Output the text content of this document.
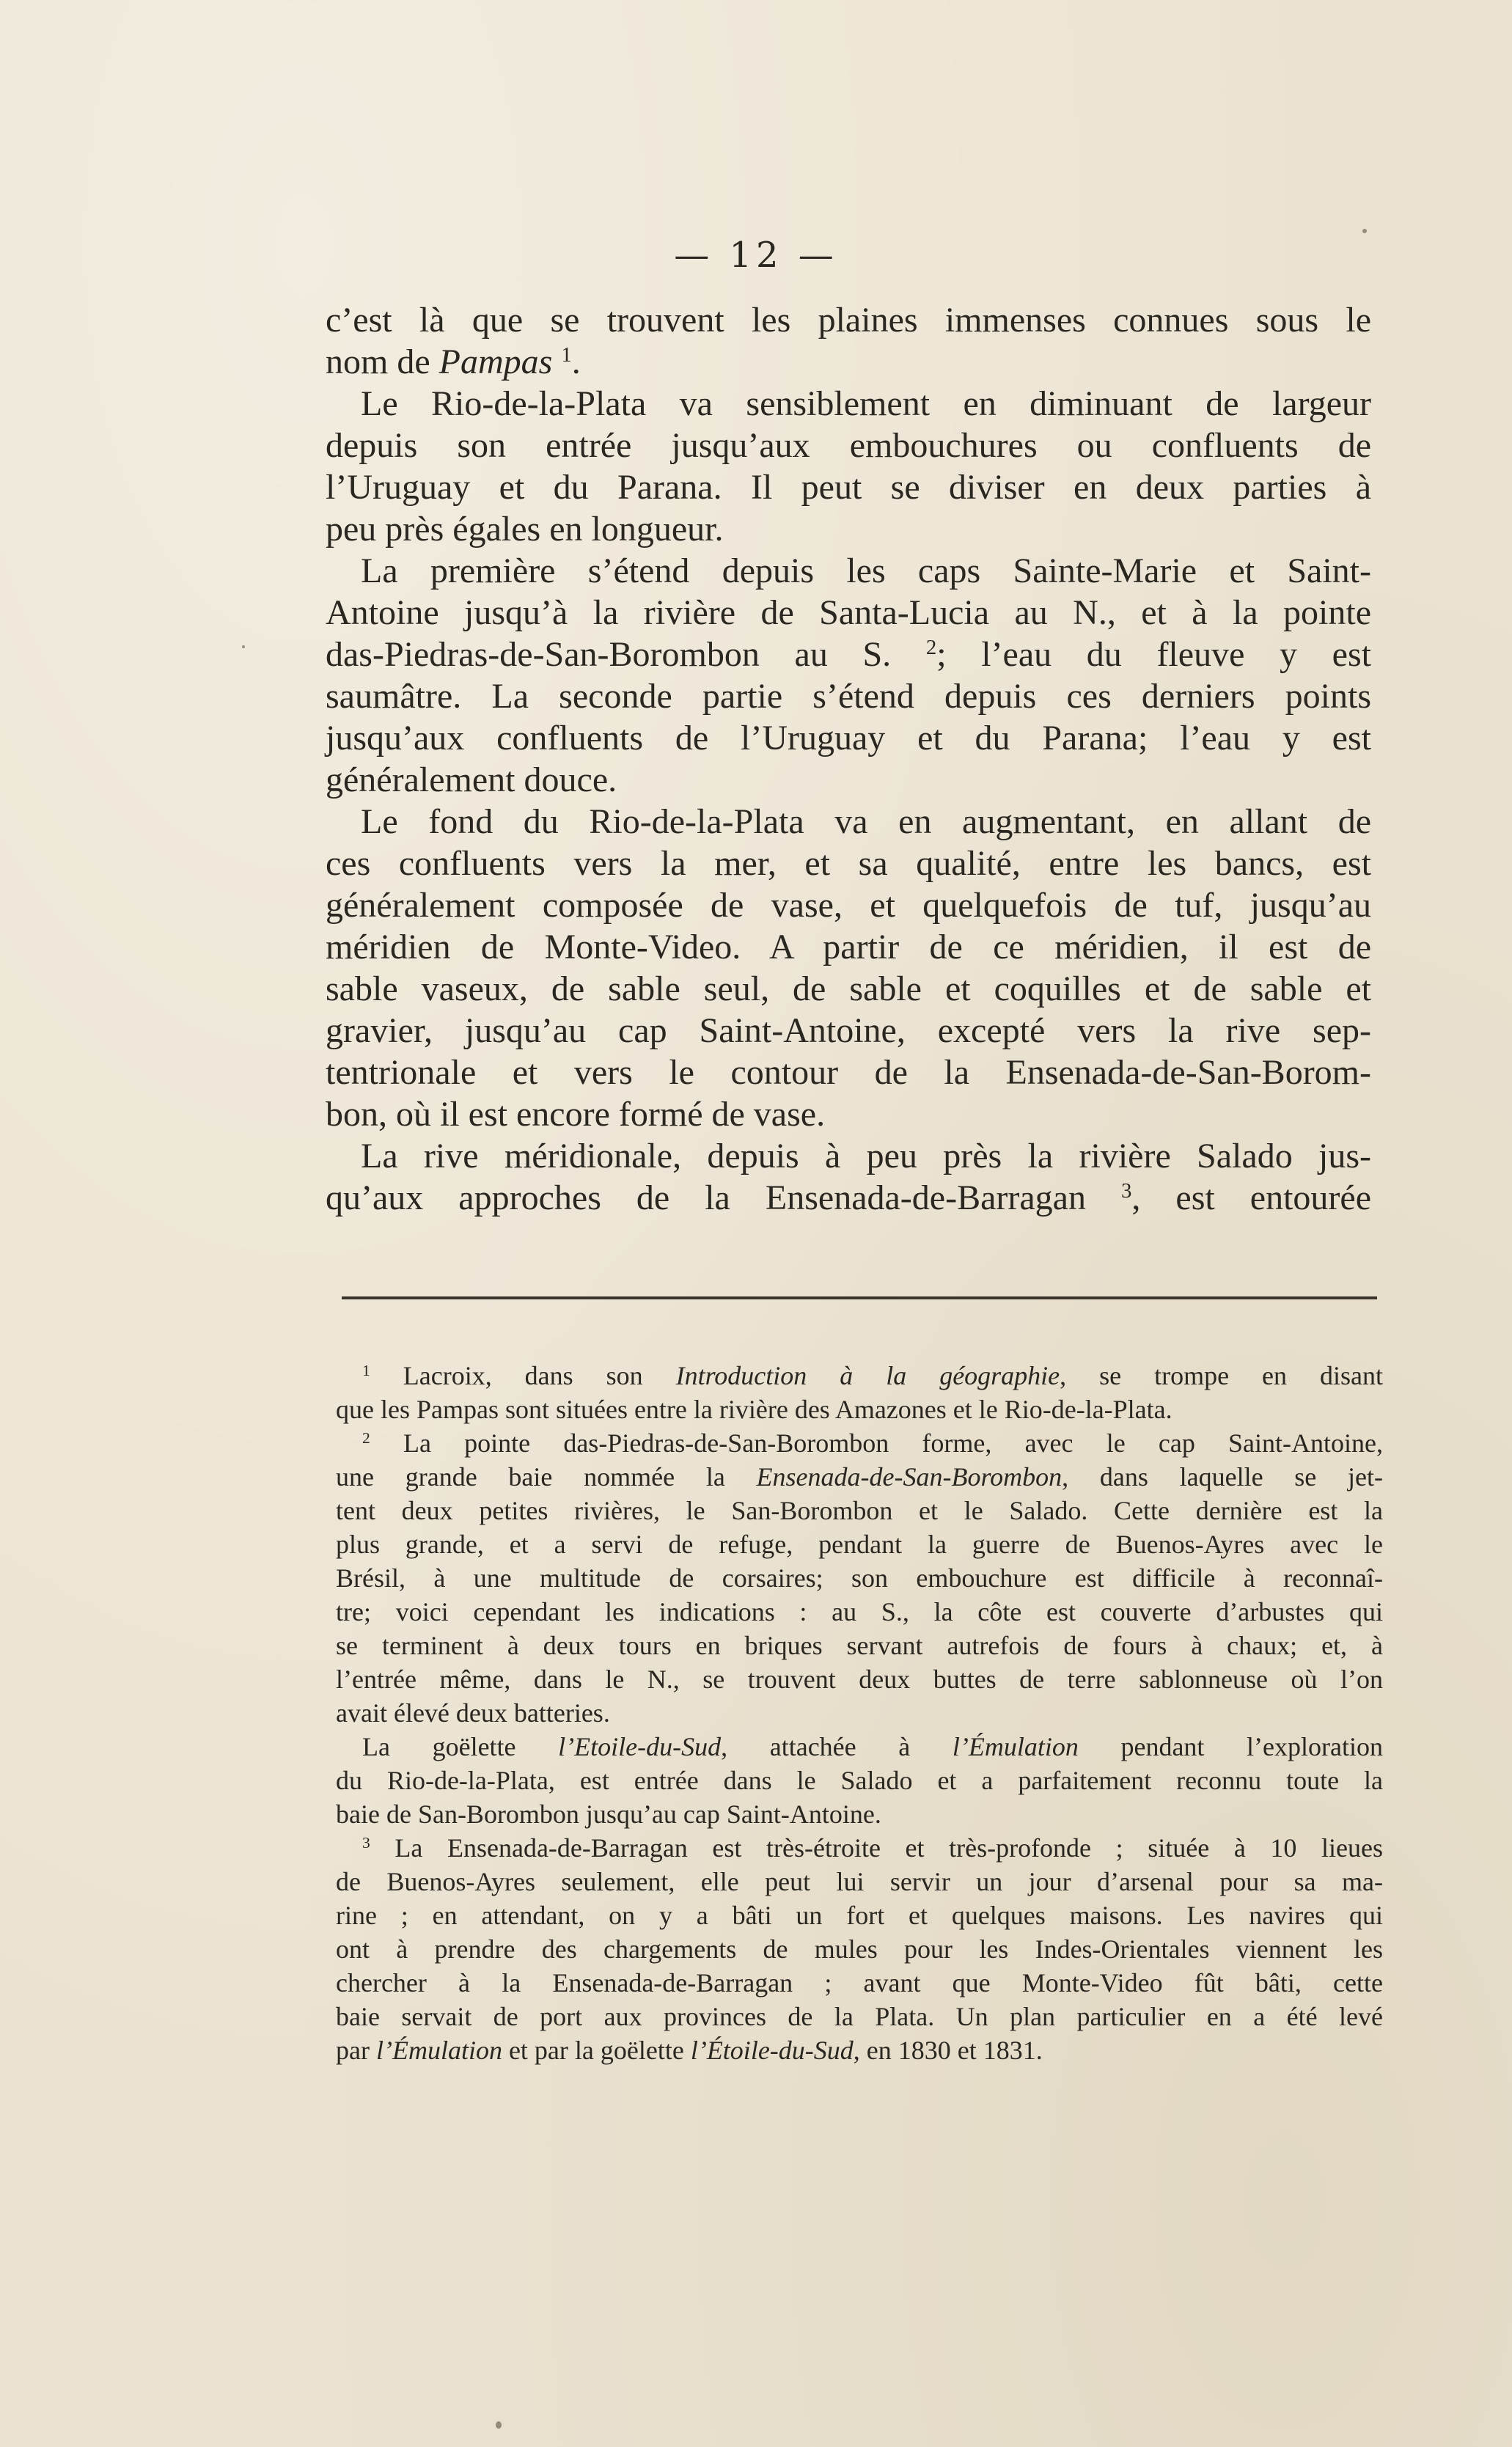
— 12 —
c’est là que se trouvent les plaines immenses connues sous le
nom de Pampas $^1$.
Le Rio-de-la-Plata va sensiblement en diminuant de largeur
depuis son entrée jusqu’aux embouchures ou confluents de
l’Uruguay et du Parana. Il peut se diviser en deux parties à
peu près égales en longueur.
La première s’étend depuis les caps Sainte-Marie et Saint-
Antoine jusqu’à la rivière de Santa-Lucia au N., et à la pointe
das-Piedras-de-San-Borombon au S. $^2$; l’eau du fleuve y est
saumâtre. La seconde partie s’étend depuis ces derniers points
jusqu’aux confluents de l’Uruguay et du Parana; l’eau y est
généralement douce.
Le fond du Rio-de-la-Plata va en augmentant, en allant de
ces confluents vers la mer, et sa qualité, entre les bancs, est
généralement composée de vase, et quelquefois de tuf, jusqu’au
méridien de Monte-Video. A partir de ce méridien, il est de
sable vaseux, de sable seul, de sable et coquilles et de sable et
gravier, jusqu’au cap Saint-Antoine, excepté vers la rive sep-
tentrionale et vers le contour de la Ensenada-de-San-Borom-
bon, où il est encore formé de vase.
La rive méridionale, depuis à peu près la rivière Salado jus-
qu’aux approches de la Ensenada-de-Barragan $^3$, est entourée
$^1$ Lacroix, dans son Introduction à la géographie, se trompe en disant
que les Pampas sont situées entre la rivière des Amazones et le Rio-de-la-Plata.
$^2$ La pointe das-Piedras-de-San-Borombon forme, avec le cap Saint-Antoine,
une grande baie nommée la Ensenada-de-San-Borombon, dans laquelle se jet-
tent deux petites rivières, le San-Borombon et le Salado. Cette dernière est la
plus grande, et a servi de refuge, pendant la guerre de Buenos-Ayres avec le
Brésil, à une multitude de corsaires; son embouchure est difficile à reconnaî-
tre; voici cependant les indications : au S., la côte est couverte d’arbustes qui
se terminent à deux tours en briques servant autrefois de fours à chaux; et, à
l’entrée même, dans le N., se trouvent deux buttes de terre sablonneuse où l’on
avait élevé deux batteries.
La goëlette l’Etoile-du-Sud, attachée à l’Émulation pendant l’exploration
du Rio-de-la-Plata, est entrée dans le Salado et a parfaitement reconnu toute la
baie de San-Borombon jusqu’au cap Saint-Antoine.
$^3$ La Ensenada-de-Barragan est très-étroite et très-profonde ; située à 10 lieues
de Buenos-Ayres seulement, elle peut lui servir un jour d’arsenal pour sa ma-
rine ; en attendant, on y a bâti un fort et quelques maisons. Les navires qui
ont à prendre des chargements de mules pour les Indes-Orientales viennent les
chercher à la Ensenada-de-Barragan ; avant que Monte-Video fût bâti, cette
baie servait de port aux provinces de la Plata. Un plan particulier en a été levé
par l’Émulation et par la goëlette l’Étoile-du-Sud, en 1830 et 1831.
